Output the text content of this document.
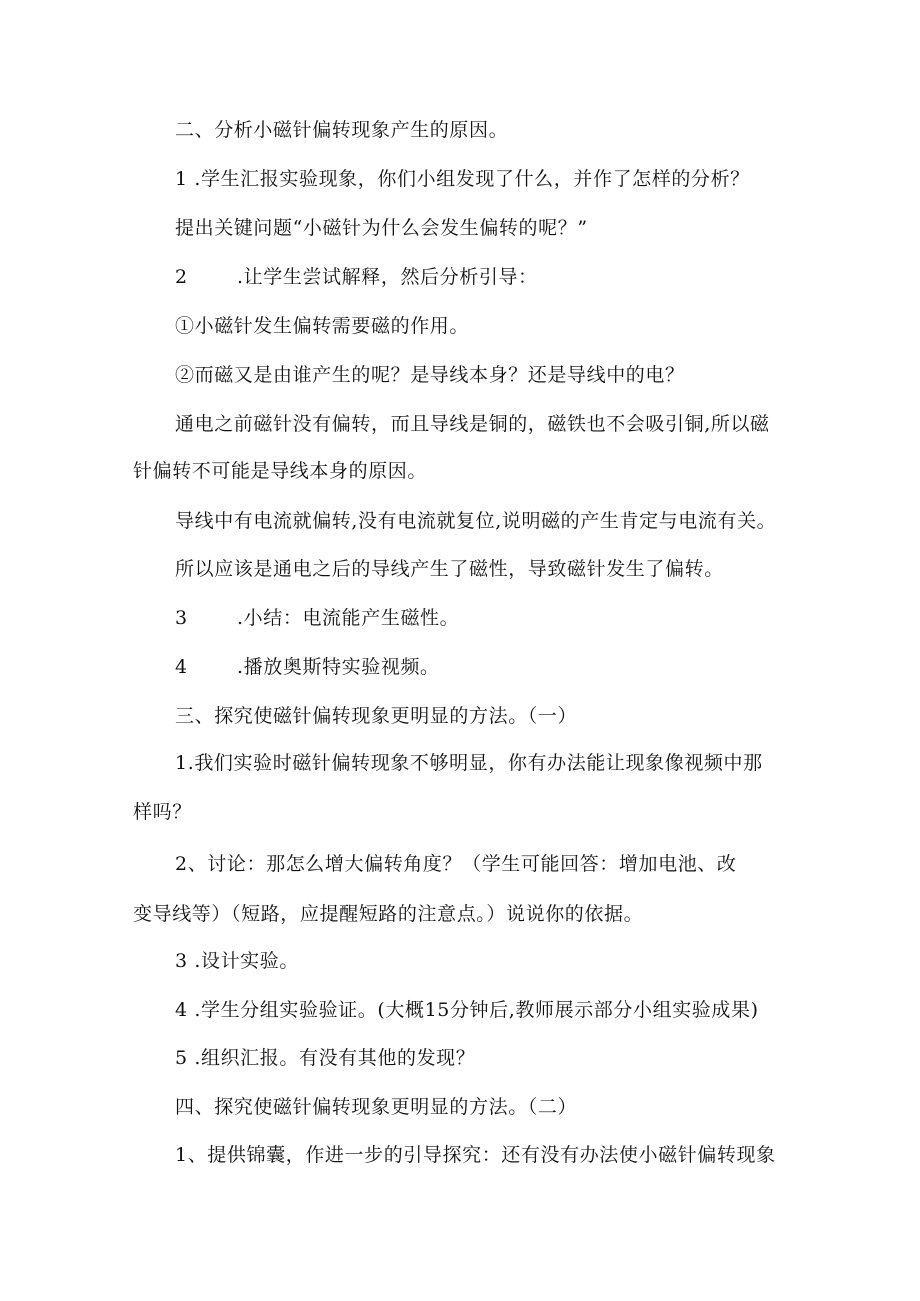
二、分析小磁针偏转现象产生的原因。

1 .学生汇报实验现象，你们小组发现了什么，并作了怎样的分析？

提出关键问题“小磁针为什么会发生偏转的呢？”

2	.让学生尝试解释，然后分析引导：

①小磁针发生偏转需要磁的作用。

②而磁又是由谁产生的呢？是导线本身？还是导线中的电？

通电之前磁针没有偏转，而且导线是铜的，磁铁也不会吸引铜,所以磁

针偏转不可能是导线本身的原因。

导线中有电流就偏转,没有电流就复位,说明磁的产生肯定与电流有关。

所以应该是通电之后的导线产生了磁性，导致磁针发生了偏转。

3	.小结：电流能产生磁性。

4	.播放奥斯特实验视频。

三、探究使磁针偏转现象更明显的方法。（一）

1.我们实验时磁针偏转现象不够明显，你有办法能让现象像视频中那

样吗？

2、讨论：那怎么增大偏转角度？（学生可能回答：增加电池、改

变导线等）（短路，应提醒短路的注意点。）说说你的依据。

3 .设计实验。

4 .学生分组实验验证。(大概15分钟后,教师展示部分小组实验成果)

5 .组织汇报。有没有其他的发现？

四、探究使磁针偏转现象更明显的方法。（二）

1、提供锦囊，作进一步的引导探究：还有没有办法使小磁针偏转现象
